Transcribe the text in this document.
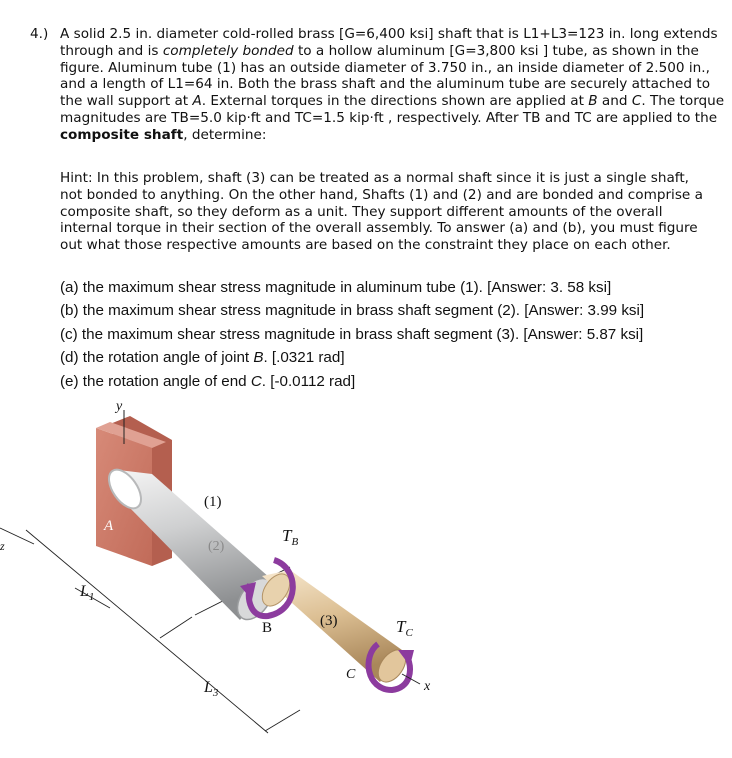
4.) A solid 2.5 in. diameter cold-rolled brass [G=6,400 ksi] shaft that is L1+L3=123 in. long extends through and is completely bonded to a hollow aluminum [G=3,800 ksi ] tube, as shown in the figure. Aluminum tube (1) has an outside diameter of 3.750 in., an inside diameter of 2.500 in., and a length of L1=64 in. Both the brass shaft and the aluminum tube are securely attached to the wall support at A. External torques in the directions shown are applied at B and C. The torque magnitudes are TB=5.0 kip·ft and TC=1.5 kip·ft , respectively. After TB and TC are applied to the composite shaft, determine:
Hint: In this problem, shaft (3) can be treated as a normal shaft since it is just a single shaft,
not bonded to anything. On the other hand, Shafts (1) and (2) and are bonded and comprise a
composite shaft, so they deform as a unit. They support different amounts of the overall
internal torque in their section of the overall assembly. To answer (a) and (b), you must figure
out what those respective amounts are based on the constraint they place on each other.
(a) the maximum shear stress magnitude in aluminum tube (1). [Answer: 3. 58 ksi]
(b) the maximum shear stress magnitude in brass shaft segment (2). [Answer: 3.99 ksi]
(c) the maximum shear stress magnitude in brass shaft segment (3). [Answer: 5.87 ksi]
(d) the rotation angle of joint B. [.0321 rad]
(e) the rotation angle of end C. [-0.0112 rad]
y
z
(1)
(2)
(3)
A
B
C
x
$T_B$
$T_C$
$L_1$
$L_3$
